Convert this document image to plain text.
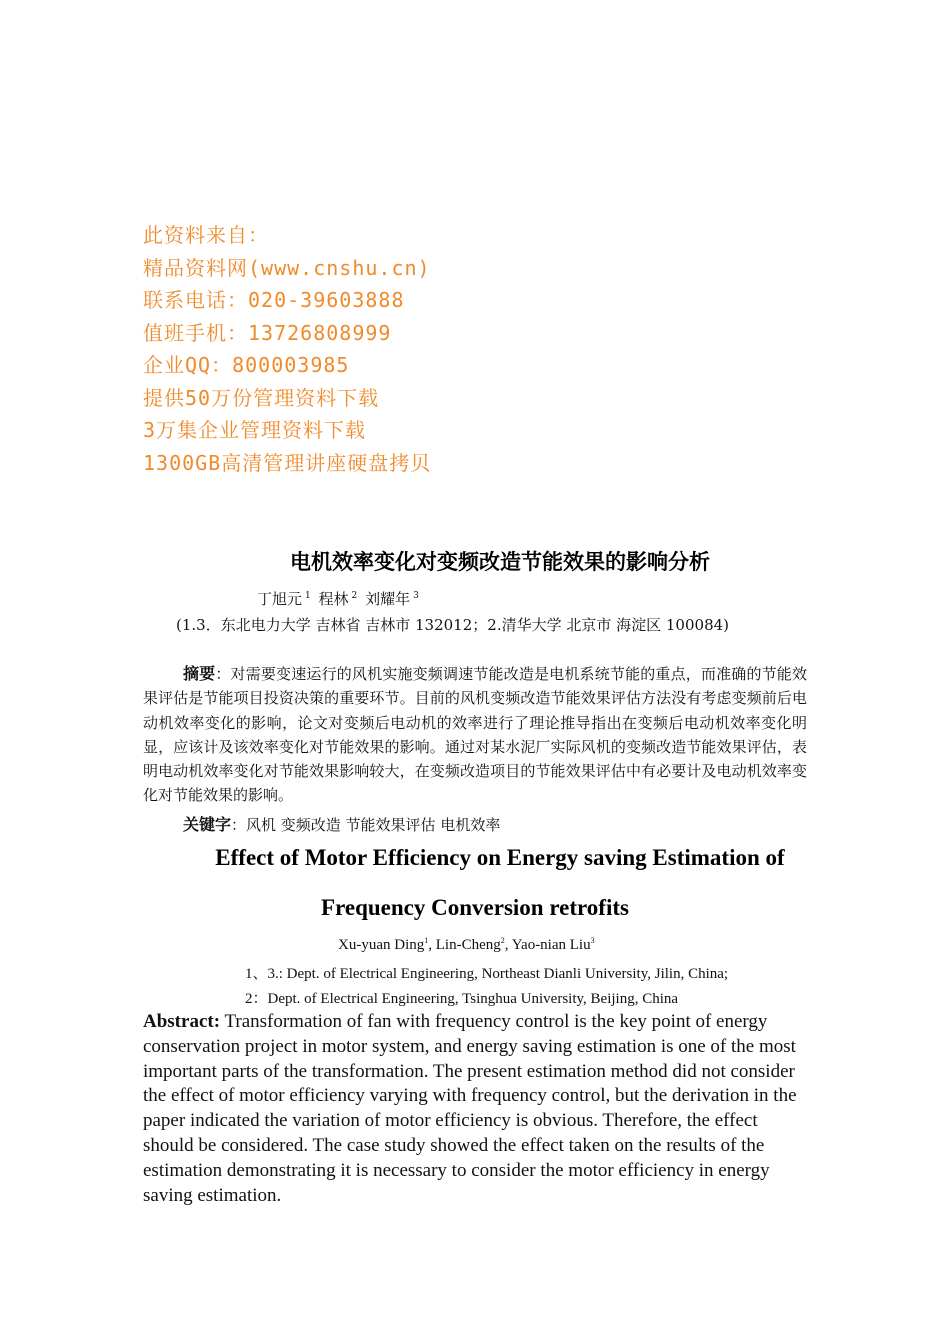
此资料来自：
精品资料网(www.cnshu.cn)
联系电话：020-39603888
值班手机：13726808999
企业QQ：800003985
提供50万份管理资料下载
3万集企业管理资料下载
1300GB高清管理讲座硬盘拷贝
电机效率变化对变频改造节能效果的影响分析
丁旭元 $^1$ 程林 $^2$ 刘耀年 $^3$
(1.3．东北电力大学 吉林省 吉林市 132012；2.清华大学 北京市 海淀区 100084)

摘要：对需要变速运行的风机实施变频调速节能改造是电机系统节能的重点，而准确的节能效果评估是节能项目投资决策的重要环节。目前的风机变频改造节能效果评估方法没有考虑变频前后电动机效率变化的影响，论文对变频后电动机的效率进行了理论推导指出在变频后电动机效率变化明显，应该计及该效率变化对节能效果的影响。通过对某水泥厂实际风机的变频改造节能效果评估，表明电动机效率变化对节能效果影响较大，在变频改造项目的节能效果评估中有必要计及电动机效率变化对节能效果的影响。

关键字：风机 变频改造 节能效果评估 电机效率
Effect of Motor Efficiency on Energy saving Estimation of
Frequency Conversion retrofits
Xu-yuan Ding$^1$, Lin-Cheng$^2$, Yao-nian Liu$^3$
1、3.: Dept. of Electrical Engineering, Northeast Dianli University, Jilin, China;
2：Dept. of Electrical Engineering, Tsinghua University, Beijing, China

Abstract: Transformation of fan with frequency control is the key point of energy conservation project in motor system, and energy saving estimation is one of the most important parts of the transformation. The present estimation method did not consider the effect of motor efficiency varying with frequency control, but the derivation in the paper indicated the variation of motor efficiency is obvious. Therefore, the effect should be considered. The case study showed the effect taken on the results of the estimation demonstrating it is necessary to consider the motor efficiency in energy saving estimation.
